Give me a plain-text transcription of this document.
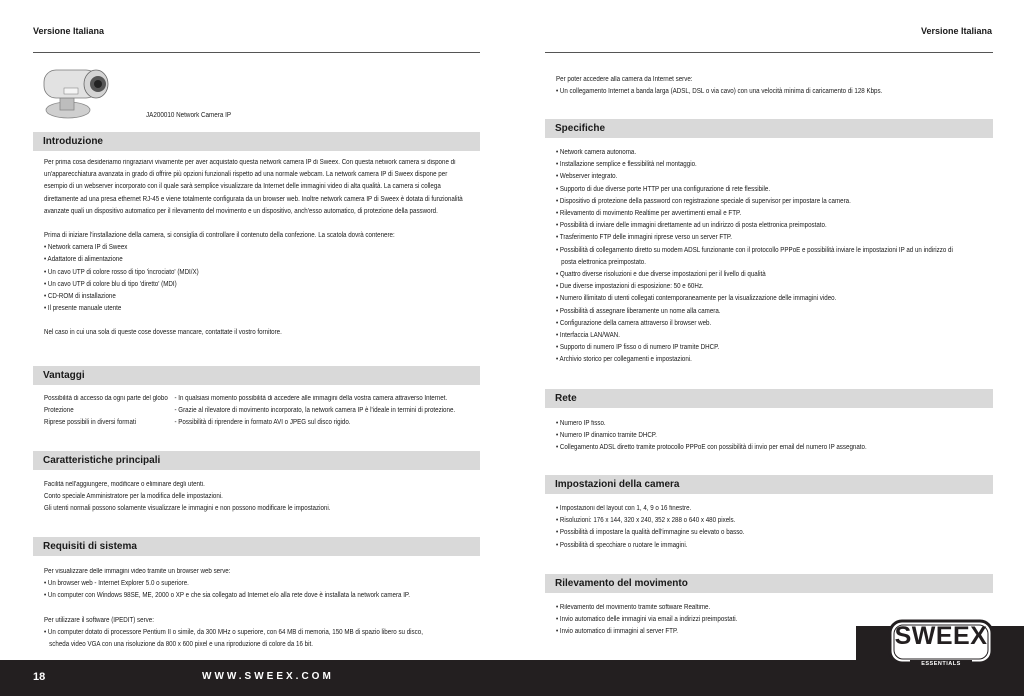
Versione Italiana	Versione Italiana
JA200010 Network Camera IP
Introduzione
Per prima cosa desideriamo ringraziarvi vivamente per aver acquistato questa network camera IP di Sweex. Con questa network camera si dispone di
un'apparecchiatura avanzata in grado di offrire più opzioni funzionali rispetto ad una normale webcam. La network camera IP di Sweex dispone per
esempio di un webserver incorporato con il quale sarà semplice visualizzare da Internet delle immagini video di alta qualità. La camera si collega
direttamente ad una presa ethernet RJ-45 e viene totalmente configurata da un browser web. Inoltre network camera IP di Sweex è dotata di funzionalità
avanzate quali un dispositivo automatico per il rilevamento del movimento e un dispositivo, anch'esso automatico, di protezione della password.
Prima di iniziare l'installazione della camera, si consiglia di controllare il contenuto della confezione. La scatola dovrà contenere:
• Network camera IP di Sweex
• Adattatore di alimentazione
• Un cavo UTP di colore rosso di tipo 'incrociato' (MDI/X)
• Un cavo UTP di colore blu di tipo 'diretto' (MDI)
• CD-ROM di installazione
• Il presente manuale utente
Nel caso in cui una sola di queste cose dovesse mancare, contattate il vostro fornitore.
Vantaggi
Possibilità di accesso da ogni parte del globo - In qualsiasi momento possibilità di accedere alle immagini della vostra camera attraverso Internet.
Protezione	- Grazie al rilevatore di movimento incorporato, la network camera IP è l'ideale in termini di protezione.
Riprese possibili in diversi formati	- Possibilità di riprendere in formato AVI o JPEG sul disco rigido.
Caratteristiche principali
Facilità nell'aggiungere, modificare o eliminare degli utenti.
Conto speciale Amministratore per la modifica delle impostazioni.
Gli utenti normali possono solamente visualizzare le immagini e non possono modificare le impostazioni.
Requisiti di sistema
Per visualizzare delle immagini video tramite un browser web serve:
• Un browser web - Internet Explorer 5.0 o superiore.
• Un computer con Windows 98SE, ME, 2000 o XP e che sia collegato ad Internet e/o alla rete dove è installata la network camera IP.
Per utilizzare il software (IPEDIT) serve:
• Un computer dotato di processore Pentium II o simile, da 300 MHz o superiore, con 64 MB di memoria, 150 MB di spazio libero su disco,
scheda video VGA con una risoluzione da 800 x 600 pixel e una riproduzione di colore da 16 bit.
Per poter accedere alla camera da Internet serve:
• Un collegamento Internet a banda larga (ADSL, DSL o via cavo) con una velocità minima di caricamento di 128 Kbps.
Specifiche
• Network camera autonoma.
• Installazione semplice e flessibilità nel montaggio.
• Webserver integrato.
• Supporto di due diverse porte HTTP per una configurazione di rete flessibile.
• Dispositivo di protezione della password con registrazione speciale di supervisor per impostare la camera.
• Rilevamento di movimento Realtime per avvertimenti email e FTP.
• Possibilità di inviare delle immagini direttamente ad un indirizzo di posta elettronica preimpostato.
• Trasferimento FTP delle immagini riprese verso un server FTP.
• Possibilità di collegamento diretto su modem ADSL funzionante con il protocollo PPPoE e possibilità inviare le impostazioni IP ad un indirizzo di
posta elettronica preimpostato.
• Quattro diverse risoluzioni e due diverse impostazioni per il livello di qualità
• Due diverse impostazioni di esposizione: 50 e 60Hz.
• Numero illimitato di utenti collegati contemporaneamente per la visualizzazione delle immagini video.
• Possibilità di assegnare liberamente un nome alla camera.
• Configurazione della camera attraverso il browser web.
• Interfaccia LAN/WAN.
• Supporto di numero IP fisso o di numero IP tramite DHCP.
• Archivio storico per collegamenti e impostazioni.
Rete
• Numero IP fisso.
• Numero IP dinamico tramite DHCP.
• Collegamento ADSL diretto tramite protocollo PPPoE con possibilità di invio per email del numero IP assegnato.
Impostazioni della camera
• Impostazioni del layout con 1, 4, 9 o 16 finestre.
• Risoluzioni: 176 x 144, 320 x 240, 352 x 288 o 640 x 480 pixels.
• Possibilità di impostare la qualità dell'immagine su elevato o basso.
• Possibilità di specchiare o ruotare le immagini.
Rilevamento del movimento
• Rilevamento del movimento tramite software Realtime.
• Invio automatico delle immagini via email a indirizzi preimpostati.
• Invio automatico di immagini al server FTP.
18	WWW.SWEEX.COM
SWEEX
ESSENTIALS
